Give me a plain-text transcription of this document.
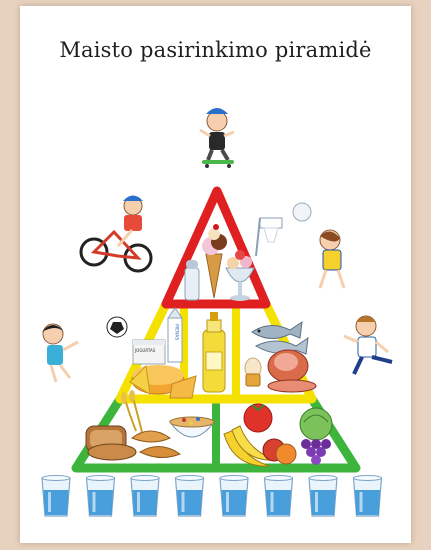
Maisto pasirinkimo piramidė
PIENAS
JOGURTAS
